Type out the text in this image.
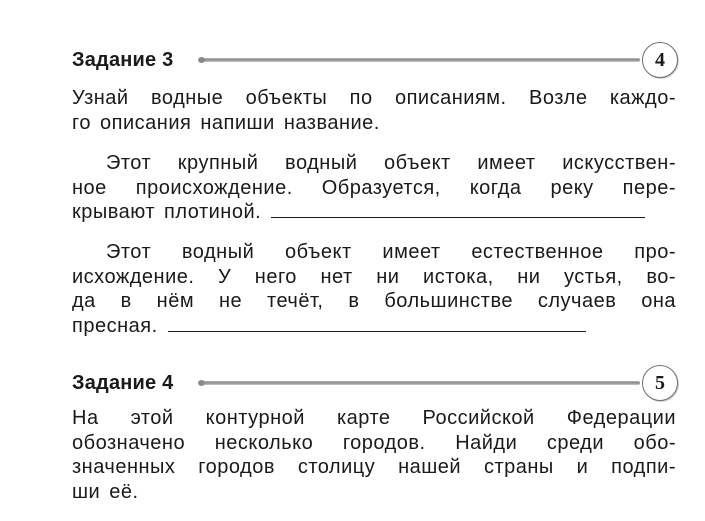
Задание 3	4
Узнай водные объекты по описаниям. Возле каждо-
го описания напиши название.
Этот крупный водный объект имеет искусствен-
ное происхождение. Образуется, когда реку пере-
крывают плотиной.
Этот водный объект имеет естественное про-
исхождение. У него нет ни истока, ни устья, во-
да в нём не течёт, в большинстве случаев она
пресная.
Задание 4	5
На этой контурной карте Российской Федерации
обозначено несколько городов. Найди среди обо-
значенных городов столицу нашей страны и подпи-
ши её.
